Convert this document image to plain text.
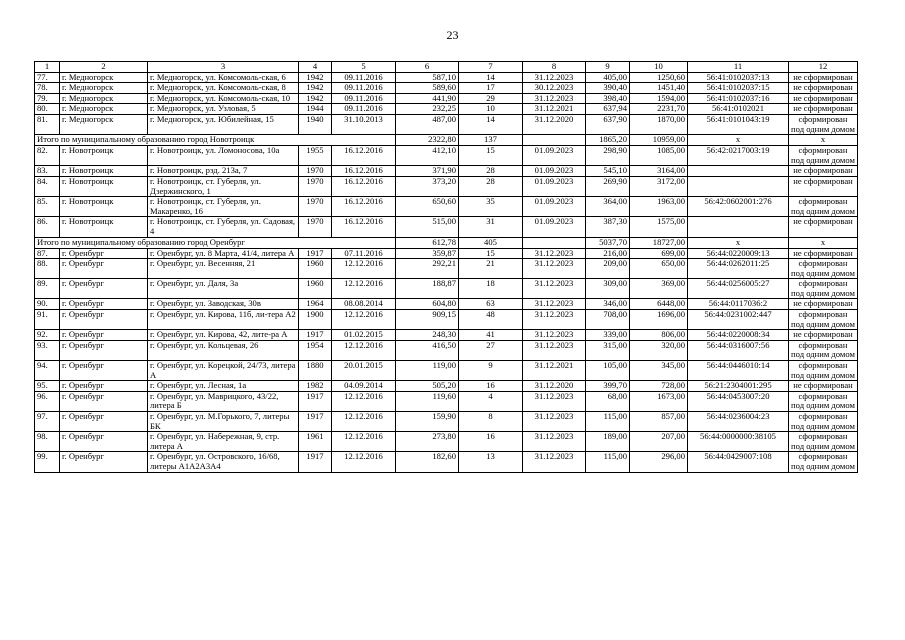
23
1	2	3	4	5	6	7	8	9	10	11	12
77.	г. Медногорск	г. Медногорск, ул. Комсомоль-ская, 6	1942	09.11.2016	587,10	14	31.12.2023	405,00	1250,60	56:41:0102037:13	не сформирован
78.	г. Медногорск	г. Медногорск, ул. Комсомоль-ская, 8	1942	09.11.2016	589,60	17	30.12.2023	390,40	1451,40	56:41:0102037:15	не сформирован
79.	г. Медногорск	г. Медногорск, ул. Комсомоль-ская, 10	1942	09.11.2016	441,90	29	31.12.2023	398,40	1594,00	56:41:0102037:16	не сформирован
80.	г. Медногорск	г. Медногорск, ул. Узловая, 5	1944	09.11.2016	232,25	10	31.12.2021	637,94	2231,70	56:41:0102021	не сформирован
81.	г. Медногорск	г. Медногорск, ул. Юбилейная, 15	1940	31.10.2013	487,00	14	31.12.2020	637,90	1870,00	56:41:0101043:19	сформирован под одним домом
Итого по муниципальному образованию город Новотроицк					2322,80	137		1865,20	10959,00	х	х
82.	г. Новотроицк	г. Новотроицк, ул. Ломоносова, 10а	1955	16.12.2016	412,10	15	01.09.2023	298,90	1085,00	56:42:0217003:19	сформирован под одним домом
83.	г. Новотроицк	г. Новотроицк, рзд. 213а, 7	1970	16.12.2016	371,90	28	01.09.2023	545,10	3164,00		не сформирован
84.	г. Новотроицк	г. Новотроицк, ст. Губерля, ул. Дзержинского, 1	1970	16.12.2016	373,20	28	01.09.2023	269,90	3172,00		не сформирован
85.	г. Новотроицк	г. Новотроицк, ст. Губерля, ул. Макаренко, 16	1970	16.12.2016	650,60	35	01.09.2023	364,00	1963,00	56:42:0602001:276	сформирован под одним домом
86.	г. Новотроицк	г. Новотроицк, ст. Губерля, ул. Садовая, 4	1970	16.12.2016	515,00	31	01.09.2023	387,30	1575,00		не сформирован
Итого по муниципальному образованию город Оренбург					612,78	405		5037,70	18727,00	х	х
87.	г. Оренбург	г. Оренбург, ул. 8 Марта, 41/4, литера А	1917	07.11.2016	359,87	15	31.12.2023	216,00	699,00	56:44:0220009:13	не сформирован
88.	г. Оренбург	г. Оренбург, ул. Весенняя, 21	1960	12.12.2016	292,21	21	31.12.2023	209,00	650,00	56:44:0262011:25	сформирован под одним домом
89.	г. Оренбург	г. Оренбург, ул. Даля, 3а	1960	12.12.2016	188,87	18	31.12.2023	309,00	369,00	56:44:0256005:27	сформирован под одним домом
90.	г. Оренбург	г. Оренбург, ул. Заводская, 30в	1964	08.08.2014	604,80	63	31.12.2023	346,00	6448,00	56:44:0117036:2	не сформирован
91.	г. Оренбург	г. Оренбург, ул. Кирова, 11б, ли-тера А2	1900	12.12.2016	909,15	48	31.12.2023	708,00	1696,00	56:44:0231002:447	сформирован под одним домом
92.	г. Оренбург	г. Оренбург, ул. Кирова, 42, лите-ра А	1917	01.02.2015	248,30	41	31.12.2023	339,00	806,00	56:44:0220008:34	не сформирован
93.	г. Оренбург	г. Оренбург, ул. Кольцевая, 26	1954	12.12.2016	416,50	27	31.12.2023	315,00	320,00	56:44:0316007:56	сформирован под одним домом
94.	г. Оренбург	г. Оренбург, ул. Корецкой, 24/73, литера А	1880	20.01.2015	119,00	9	31.12.2021	105,00	345,00	56:44:0446010:14	сформирован под одним домом
95.	г. Оренбург	г. Оренбург, ул. Лесная, 1а	1982	04.09.2014	505,20	16	31.12.2020	399,70	728,00	56:21:2304001:295	не сформирован
96.	г. Оренбург	г. Оренбург, ул. Маврицкого, 43/22, литера Б	1917	12.12.2016	119,60	4	31.12.2023	68,00	1673,00	56:44:0453007:20	сформирован под одним домом
97.	г. Оренбург	г. Оренбург, ул. М.Горького, 7, литеры БК	1917	12.12.2016	159,90	8	31.12.2023	115,00	857,00	56:44:0236004:23	сформирован под одним домом
98.	г. Оренбург	г. Оренбург, ул. Набережная, 9, стр. литера А	1961	12.12.2016	273,80	16	31.12.2023	189,00	207,00	56:44:0000000:38105	сформирован под одним домом
99.	г. Оренбург	г. Оренбург, ул. Островского, 16/68, литеры А1А2А3А4	1917	12.12.2016	182,60	13	31.12.2023	115,00	296,00	56:44:0429007:108	сформирован под одним домом
